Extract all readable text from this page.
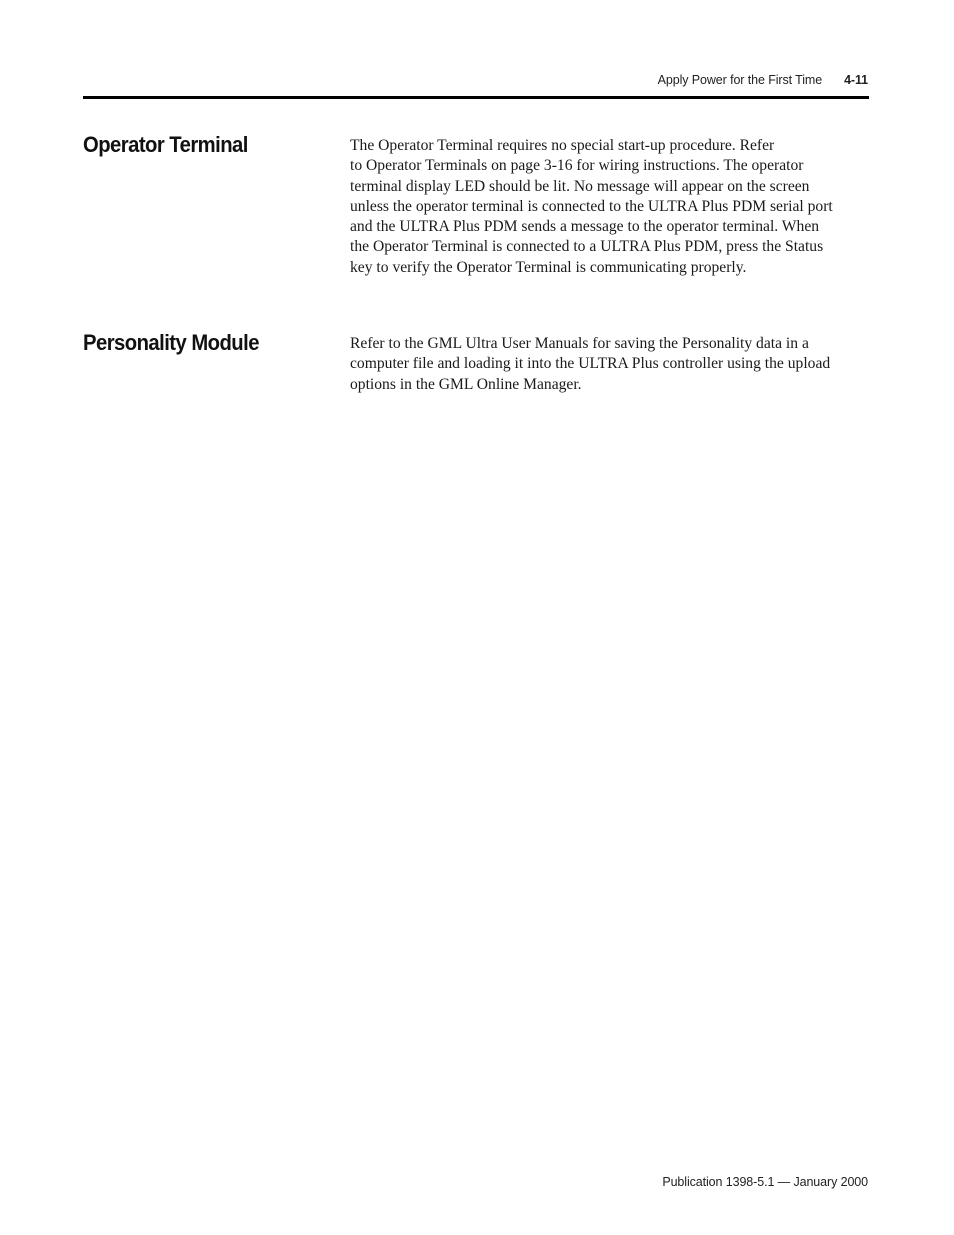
Apply Power for the First Time 4-11
Operator Terminal	The Operator Terminal requires no special start-up procedure. Refer
to Operator Terminals on page 3-16 for wiring instructions. The operator
terminal display LED should be lit. No message will appear on the screen
unless the operator terminal is connected to the ULTRA Plus PDM serial port
and the ULTRA Plus PDM sends a message to the operator terminal. When
the Operator Terminal is connected to a ULTRA Plus PDM, press the Status
key to verify the Operator Terminal is communicating properly.

Personality Module	Refer to the GML Ultra User Manuals for saving the Personality data in a
computer file and loading it into the ULTRA Plus controller using the upload
options in the GML Online Manager.

Publication 1398-5.1 — January 2000
